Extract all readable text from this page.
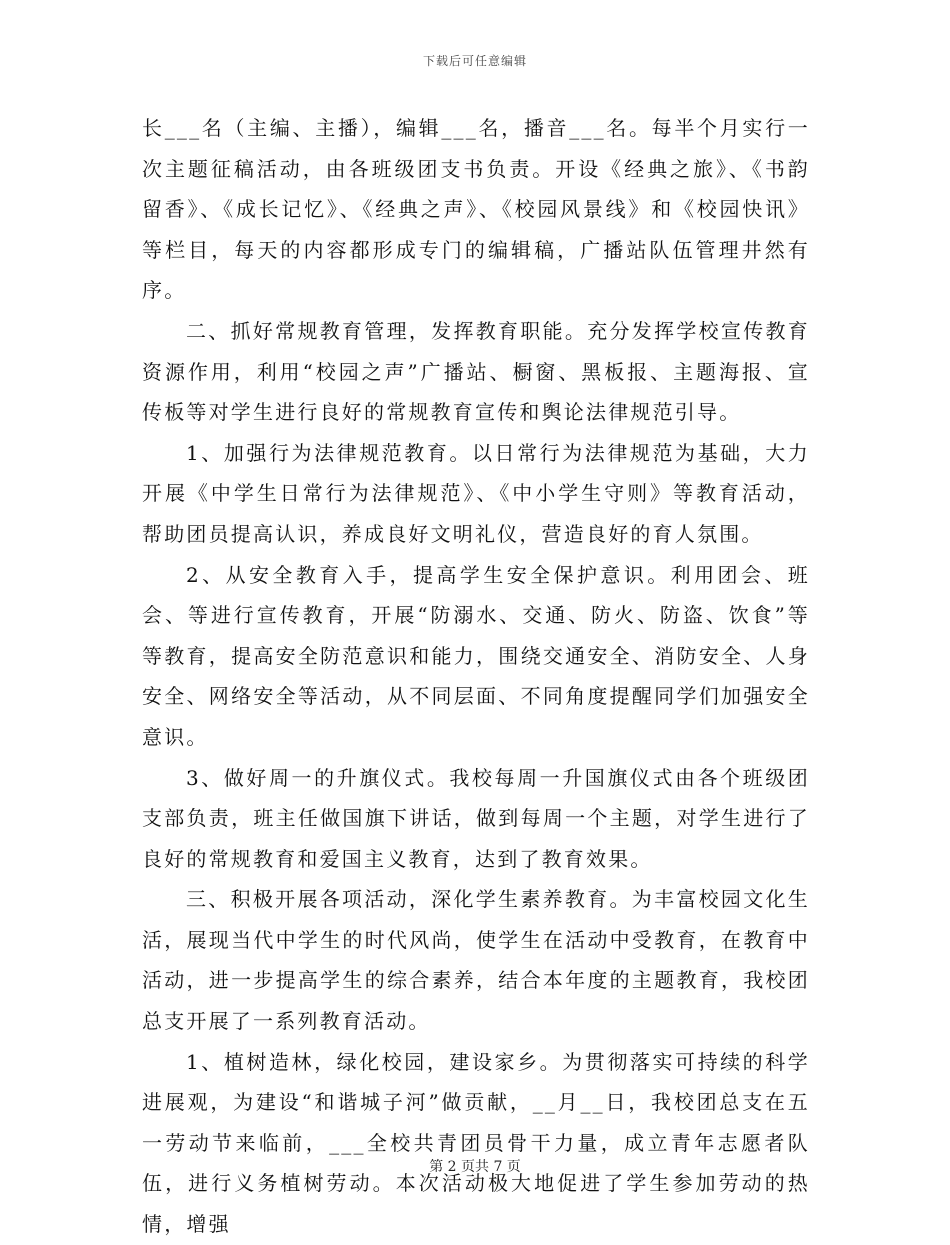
下载后可任意编辑

长___名（主编、主播），编辑___名，播音___名。每半个月实行一次主题征稿活动，由各班级团支书负责。开设《经典之旅》、《书韵留香》、《成长记忆》、《经典之声》、《校园风景线》和《校园快讯》等栏目，每天的内容都形成专门的编辑稿，广播站队伍管理井然有序。

二、抓好常规教育管理，发挥教育职能。充分发挥学校宣传教育资源作用，利用“校园之声”广播站、橱窗、黑板报、主题海报、宣传板等对学生进行良好的常规教育宣传和舆论法律规范引导。

1、加强行为法律规范教育。以日常行为法律规范为基础，大力开展《中学生日常行为法律规范》、《中小学生守则》等教育活动，帮助团员提高认识，养成良好文明礼仪，营造良好的育人氛围。

2、从安全教育入手，提高学生安全保护意识。利用团会、班会、等进行宣传教育，开展“防溺水、交通、防火、防盗、饮食”等等教育，提高安全防范意识和能力，围绕交通安全、消防安全、人身安全、网络安全等活动，从不同层面、不同角度提醒同学们加强安全意识。

3、做好周一的升旗仪式。我校每周一升国旗仪式由各个班级团支部负责，班主任做国旗下讲话，做到每周一个主题，对学生进行了良好的常规教育和爱国主义教育，达到了教育效果。

三、积极开展各项活动，深化学生素养教育。为丰富校园文化生活，展现当代中学生的时代风尚，使学生在活动中受教育，在教育中活动，进一步提高学生的综合素养，结合本年度的主题教育，我校团总支开展了一系列教育活动。

1、植树造林，绿化校园，建设家乡。为贯彻落实可持续的科学进展观，为建设“和谐城子河”做贡献，__月__日，我校团总支在五一劳动节来临前，___全校共青团员骨干力量，成立青年志愿者队伍，进行义务植树劳动。本次活动极大地促进了学生参加劳动的热情，增强

第 2 页共 7 页
